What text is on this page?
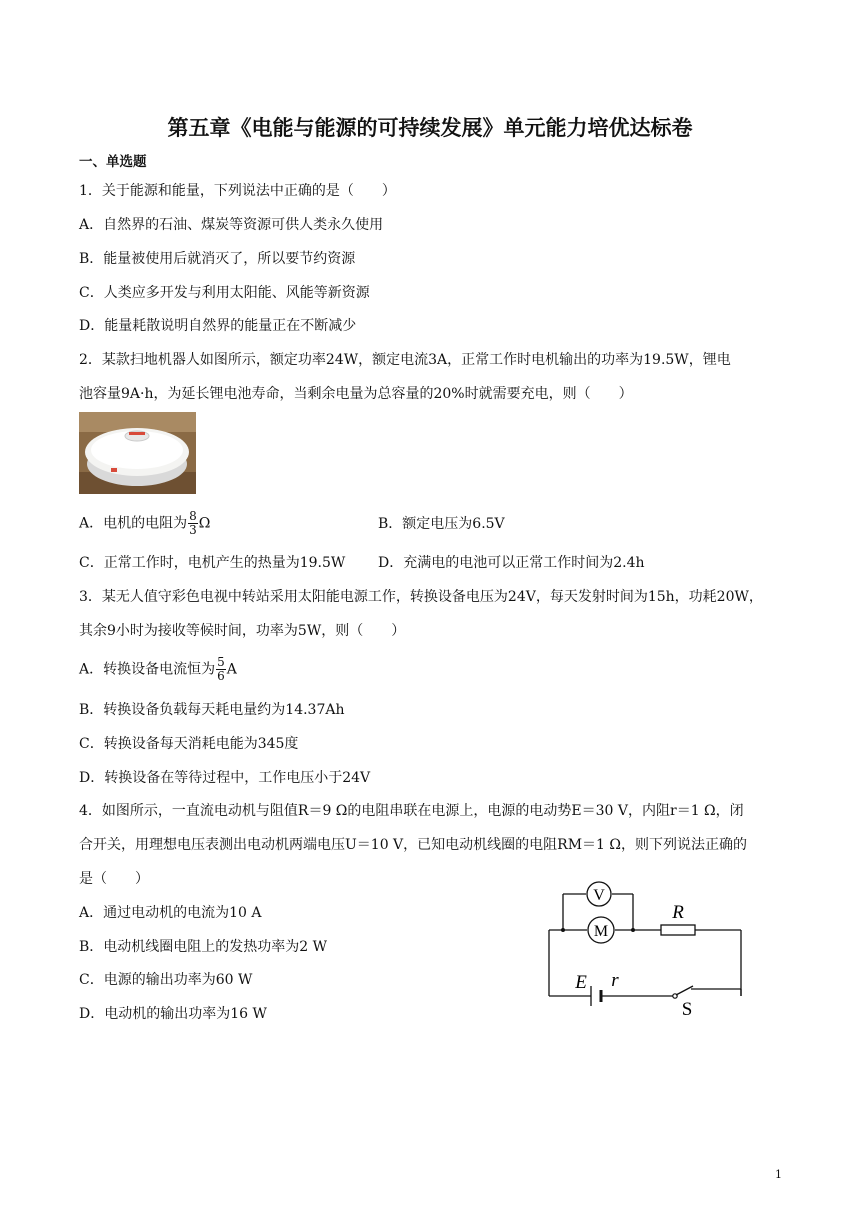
第五章《电能与能源的可持续发展》单元能力培优达标卷
一、单选题
1．关于能源和能量，下列说法中正确的是（　　）
A．自然界的石油、煤炭等资源可供人类永久使用
B．能量被使用后就消灭了，所以要节约资源
C．人类应多开发与利用太阳能、风能等新资源
D．能量耗散说明自然界的能量正在不断减少
2．某款扫地机器人如图所示，额定功率24W，额定电流3A，正常工作时电机输出的功率为19.5W，锂电
池容量9A·h，为延长锂电池寿命，当剩余电量为总容量的20%时就需要充电，则（　　）
A．电机的电阻为 $\frac{8}{3}$ Ω	B．额定电压为6.5V
C．正常工作时，电机产生的热量为19.5W D．充满电的电池可以正常工作时间为2.4h
3．某无人值守彩色电视中转站采用太阳能电源工作，转换设备电压为24V，每天发射时间为15h，功耗20W，
其余9小时为接收等候时间，功率为5W，则（　　）
A．转换设备电流恒为 $\frac{5}{6}$ A
B．转换设备负载每天耗电量约为14.37Ah
C．转换设备每天消耗电能为345度
D．转换设备在等待过程中，工作电压小于24V
4．如图所示，一直流电动机与阻值R＝9 Ω的电阻串联在电源上，电源的电动势E＝30 V，内阻r＝1 Ω，闭
合开关，用理想电压表测出电动机两端电压U＝10 V，已知电动机线圈的电阻RM＝1 Ω，则下列说法正确的
是（　　）
A．通过电动机的电流为10 A
B．电动机线圈电阻上的发热功率为2 W
C．电源的输出功率为60 W
D．电动机的输出功率为16 W
V
M
R
E r
S
1
